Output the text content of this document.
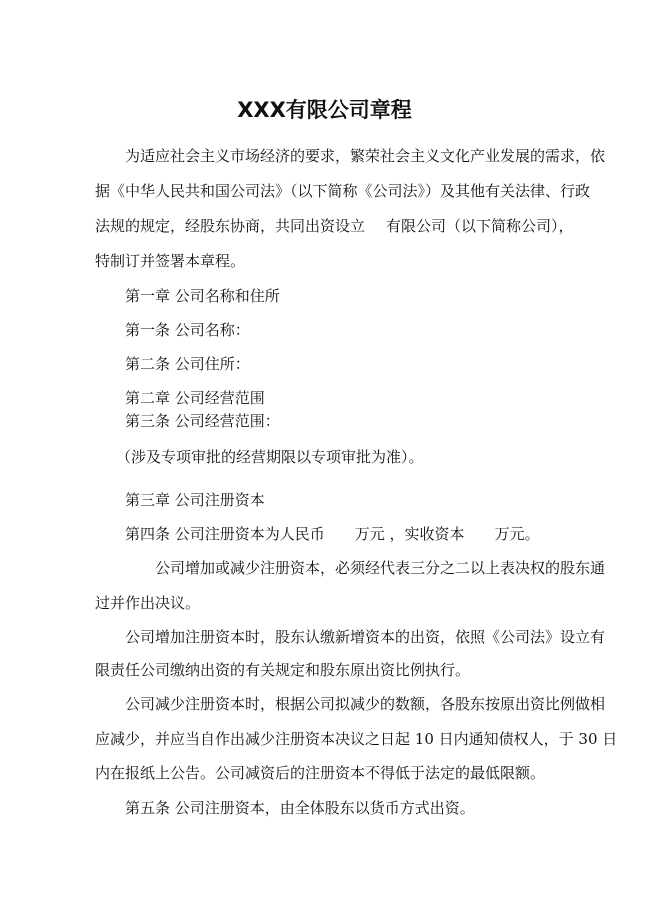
XXX有限公司章程
为适应社会主义市场经济的要求，繁荣社会主义文化产业发展的需求，依
据《中华人民共和国公司法》（以下简称《公司法》）及其他有关法律、行政
法规的规定，经股东协商，共同出资设立 有限公司（以下简称公司），
特制订并签署本章程。
第一章 公司名称和住所
第一条 公司名称：
第二条 公司住所：
第二章 公司经营范围
第三条 公司经营范围：
（涉及专项审批的经营期限以专项审批为准）。
第三章 公司注册资本
第四条 公司注册资本为人民币 万元 ，实收资本 万元。
公司增加或减少注册资本，必须经代表三分之二以上表决权的股东通
过并作出决议。
公司增加注册资本时，股东认缴新增资本的出资，依照《公司法》设立有
限责任公司缴纳出资的有关规定和股东原出资比例执行。
公司减少注册资本时，根据公司拟减少的数额，各股东按原出资比例做相
应减少，并应当自作出减少注册资本决议之日起 10 日内通知债权人，于 30 日
内在报纸上公告。公司减资后的注册资本不得低于法定的最低限额。
第五条 公司注册资本，由全体股东以货币方式出资。
